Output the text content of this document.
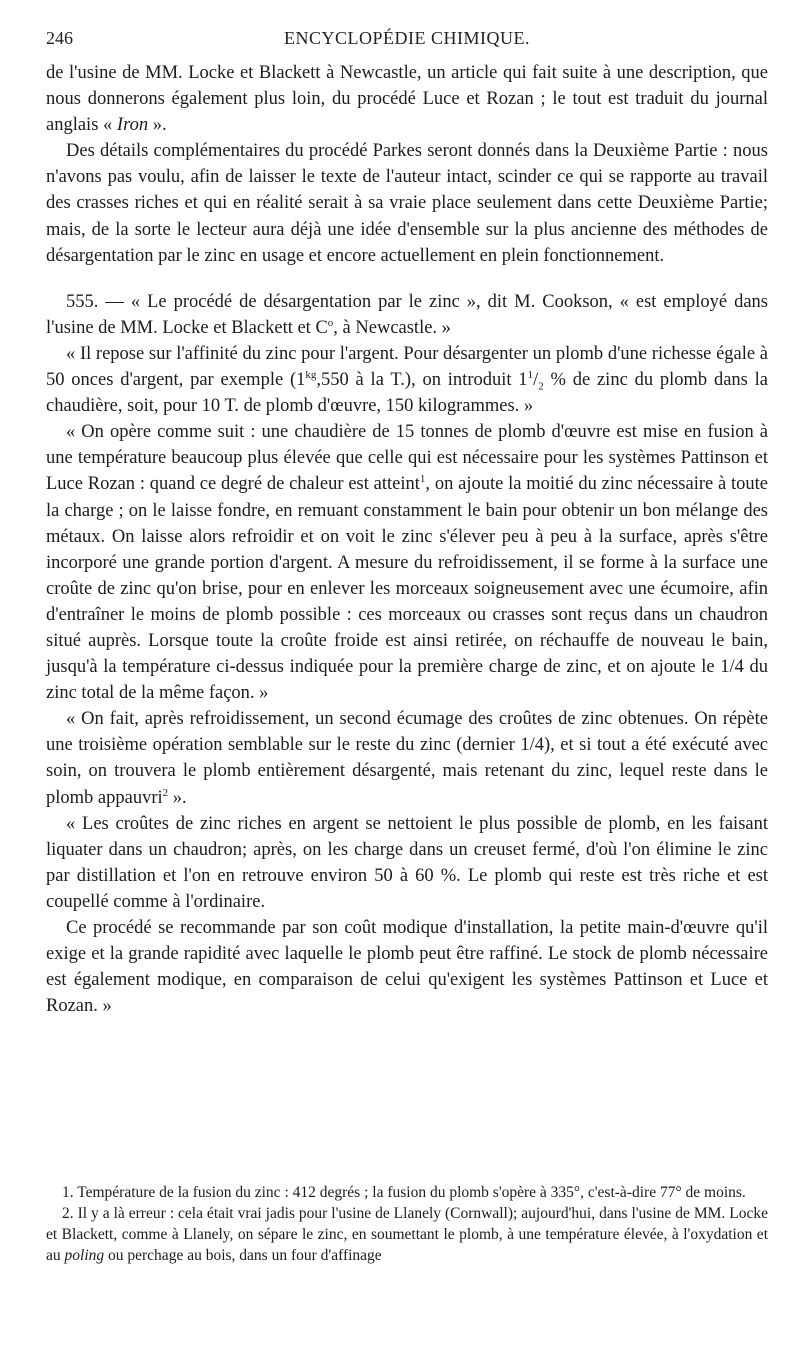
246	ENCYCLOPÉDIE CHIMIQUE.

de l'usine de MM. Locke et Blackett à Newcastle, un article qui fait suite à une description, que nous donnerons également plus loin, du procédé Luce et Rozan ; le tout est traduit du journal anglais « Iron ».

Des détails complémentaires du procédé Parkes seront donnés dans la Deuxième Partie : nous n'avons pas voulu, afin de laisser le texte de l'auteur intact, scinder ce qui se rapporte au travail des crasses riches et qui en réalité serait à sa vraie place seulement dans cette Deuxième Partie; mais, de la sorte le lecteur aura déjà une idée d'ensemble sur la plus ancienne des méthodes de désargentation par le zinc en usage et encore actuellement en plein fonctionnement.

555. — « Le procédé de désargentation par le zinc », dit M. Cookson, « est employé dans l'usine de MM. Locke et Blackett et $C^o$, à Newcastle. »

« Il repose sur l'affinité du zinc pour l'argent. Pour désargenter un plomb d'une richesse égale à 50 onces d'argent, par exemple ($1^{kg},550$ à la T.), on introduit $1^1/_2$ % de zinc du plomb dans la chaudière, soit, pour 10 T. de plomb d'œuvre, 150 kilogrammes. »

« On opère comme suit : une chaudière de 15 tonnes de plomb d'œuvre est mise en fusion à une température beaucoup plus élevée que celle qui est nécessaire pour les systèmes Pattinson et Luce Rozan : quand ce degré de chaleur est atteint$^1$, on ajoute la moitié du zinc nécessaire à toute la charge ; on le laisse fondre, en remuant constamment le bain pour obtenir un bon mélange des métaux. On laisse alors refroidir et on voit le zinc s'élever peu à peu à la surface, après s'être incorporé une grande portion d'argent. A mesure du refroidissement, il se forme à la surface une croûte de zinc qu'on brise, pour en enlever les morceaux soigneusement avec une écumoire, afin d'entraîner le moins de plomb possible : ces morceaux ou crasses sont reçus dans un chaudron situé auprès. Lorsque toute la croûte froide est ainsi retirée, on réchauffe de nouveau le bain, jusqu'à la température ci-dessus indiquée pour la première charge de zinc, et on ajoute le 1/4 du zinc total de la même façon. »

« On fait, après refroidissement, un second écumage des croûtes de zinc obtenues. On répète une troisième opération semblable sur le reste du zinc (dernier 1/4), et si tout a été exécuté avec soin, on trouvera le plomb entièrement désargenté, mais retenant du zinc, lequel reste dans le plomb appauvri$^2$ ».

« Les croûtes de zinc riches en argent se nettoient le plus possible de plomb, en les faisant liquater dans un chaudron; après, on les charge dans un creuset fermé, d'où l'on élimine le zinc par distillation et l'on en retrouve environ 50 à 60 %. Le plomb qui reste est très riche et est coupellé comme à l'ordinaire.

Ce procédé se recommande par son coût modique d'installation, la petite main-d'œuvre qu'il exige et la grande rapidité avec laquelle le plomb peut être raffiné. Le stock de plomb nécessaire est également modique, en comparaison de celui qu'exigent les systèmes Pattinson et Luce et Rozan. »

1. Température de la fusion du zinc : 412 degrés ; la fusion du plomb s'opère à 335°, c'est-à-dire 77° de moins.

2. Il y a là erreur : cela était vrai jadis pour l'usine de Llanely (Cornwall); aujourd'hui, dans l'usine de MM. Locke et Blackett, comme à Llanely, on sépare le zinc, en soumettant le plomb, à une température élevée, à l'oxydation et au poling ou perchage au bois, dans un four d'affinage
